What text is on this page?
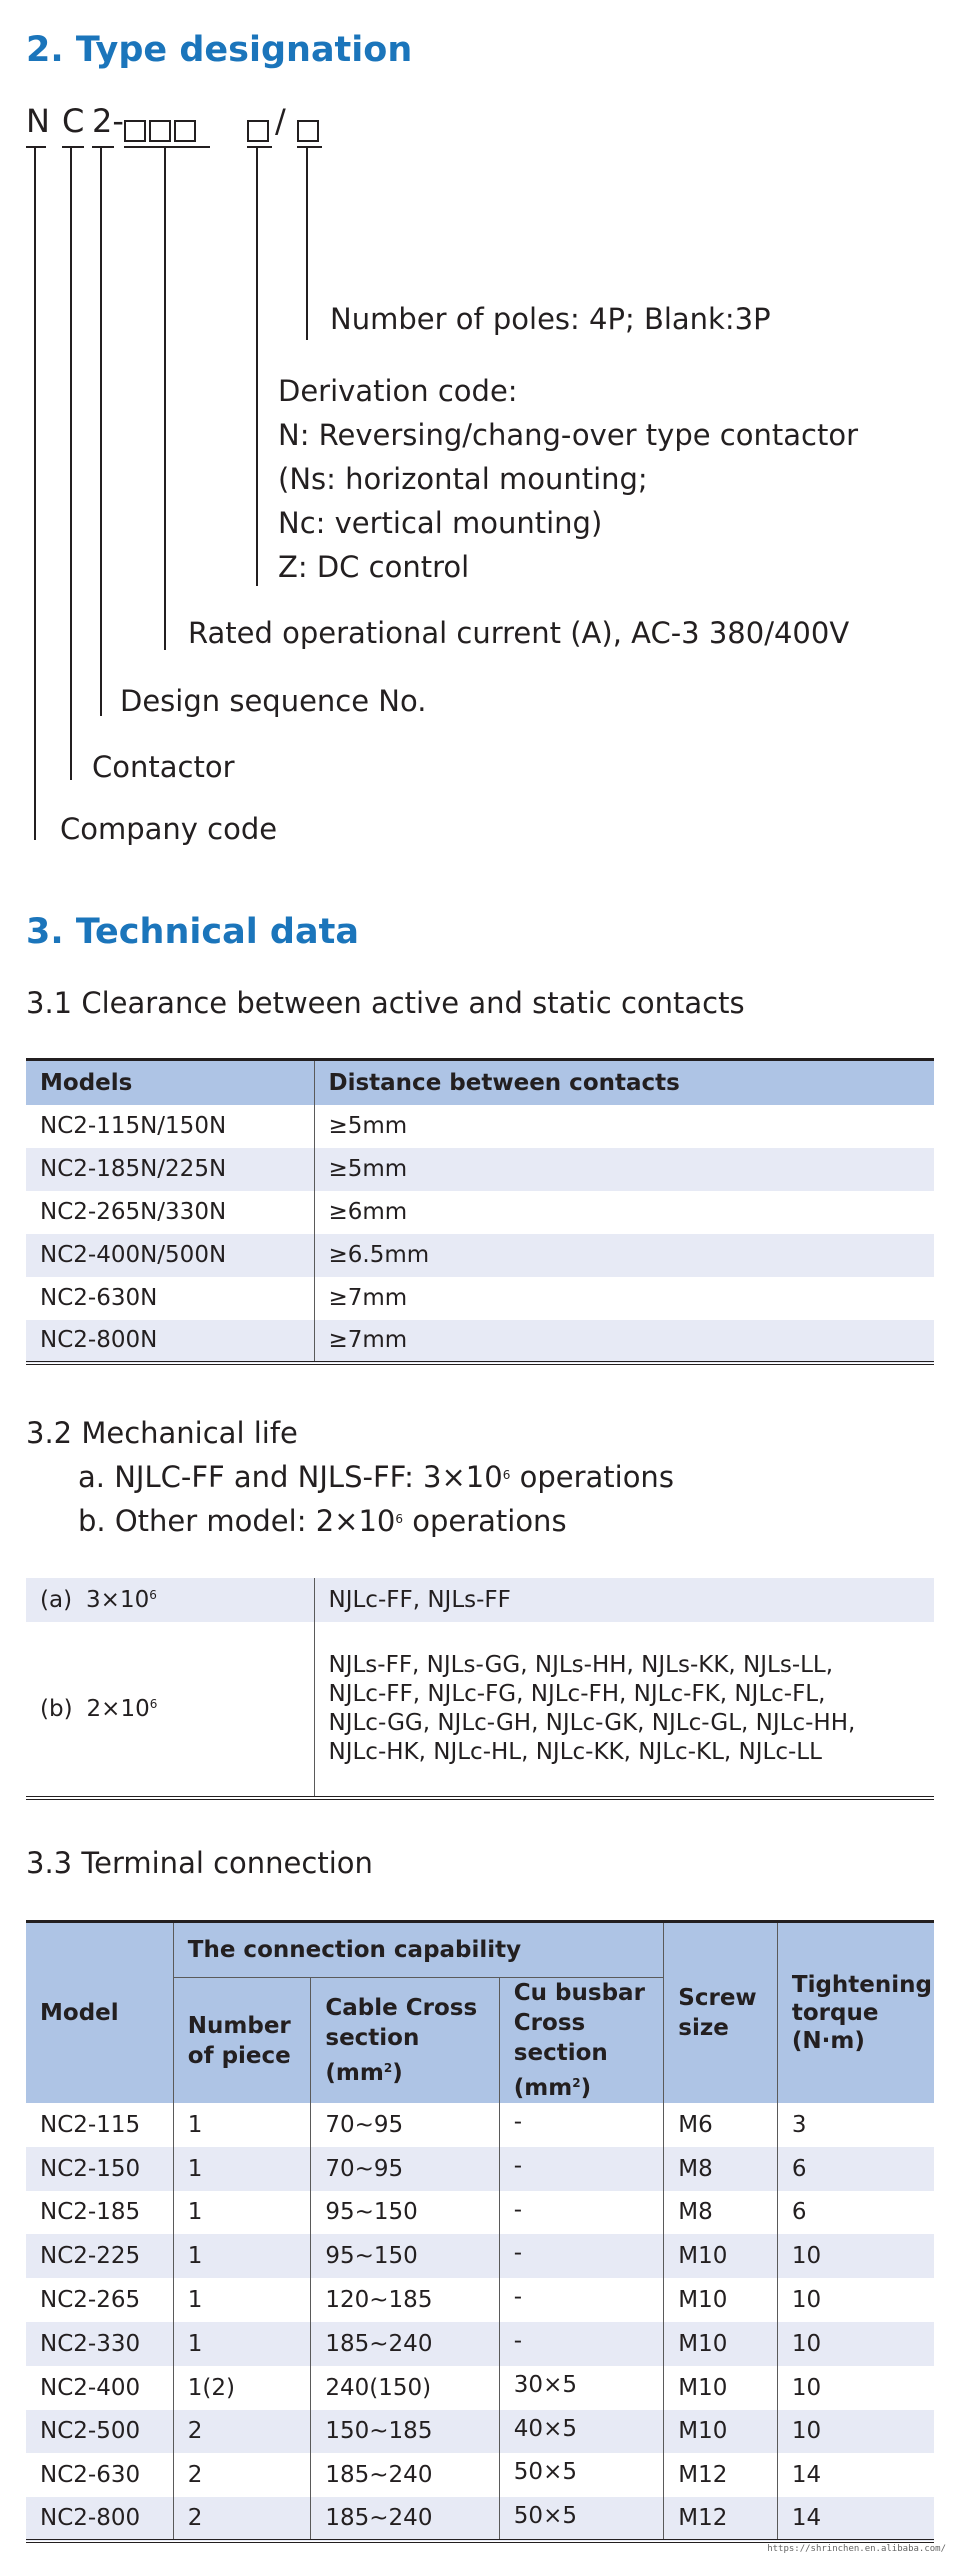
2. Type designation
N C 2-	/
Number of poles: 4P; Blank:3P
Derivation code:
N: Reversing/chang-over type contactor
(Ns: horizontal mounting;
Nc: vertical mounting)
Z: DC control
Rated operational current (A), AC-3 380/400V
Design sequence No.
Contactor
Company code
3. Technical data
3.1 Clearance between active and static contacts
Models	Distance between contacts
NC2-115N/150N	≥5mm
NC2-185N/225N	≥5mm
NC2-265N/330N	≥6mm
NC2-400N/500N	≥6.5mm
NC2-630N	≥7mm
NC2-800N	≥7mm
3.2 Mechanical life
a. NJLC-FF and NJLS-FF: $3\times 10^6$ operations
b. Other model: $2\times 10^6$ operations
(a) $3\times 10^6$	NJLc-FF, NJLs-FF
(b) $2\times 10^6$	NJLs-FF, NJLs-GG, NJLs-HH, NJLs-KK, NJLs-LL,
NJLc-FF, NJLc-FG, NJLc-FH, NJLc-FK, NJLc-FL,
NJLc-GG, NJLc-GH, NJLc-GK, NJLc-GL, NJLc-HH,
NJLc-HK, NJLc-HL, NJLc-KK, NJLc-KL, NJLc-LL
3.3 Terminal connection
Model	The connection capability			Screw size	Tightening torque (N·m)
	Number of piece	Cable Cross section $(mm^2)$	Cu busbar Cross section $(mm^2)$		
NC2-115	1	70~95	-	M6	3
NC2-150	1	70~95	-	M8	6
NC2-185	1	95~150	-	M8	6
NC2-225	1	95~150	-	M10	10
NC2-265	1	120~185	-	M10	10
NC2-330	1	185~240	-	M10	10
NC2-400	1(2)	240(150)	30×5	M10	10
NC2-500	2	150~185	40×5	M10	10
NC2-630	2	185~240	50×5	M12	14
NC2-800	2	185~240	50×5	M12	14
https://shrinchen.en.alibaba.com/
